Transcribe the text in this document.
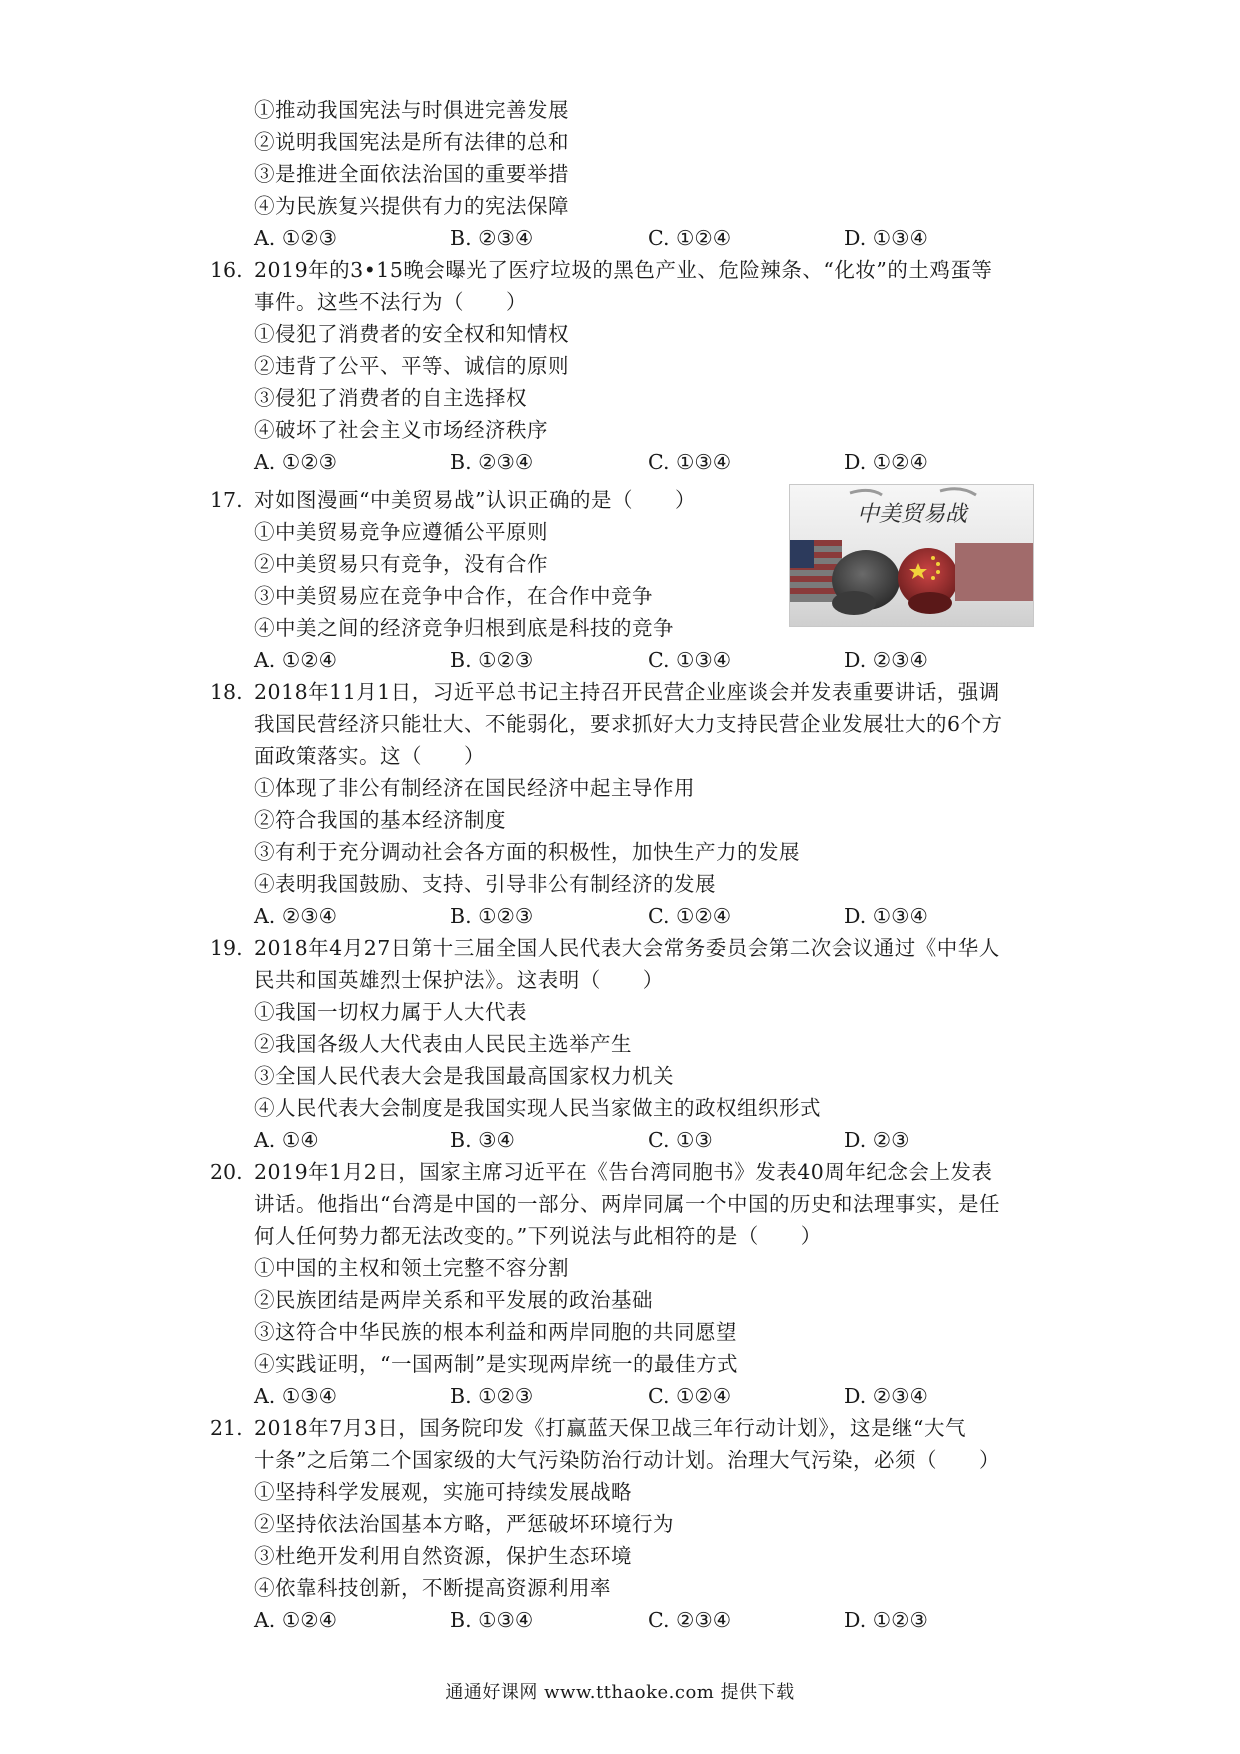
①推动我国宪法与时俱进完善发展
②说明我国宪法是所有法律的总和
③是推进全面依法治国的重要举措
④为民族复兴提供有力的宪法保障
A. ①②③	B. ②③④	C. ①②④	D. ①③④
16. 2019年的3•15晚会曝光了医疗垃圾的黑色产业、危险辣条、“化妆”的土鸡蛋等
事件。这些不法行为（　　）
①侵犯了消费者的安全权和知情权
②违背了公平、平等、诚信的原则
③侵犯了消费者的自主选择权
④破坏了社会主义市场经济秩序
A. ①②③	B. ②③④	C. ①③④	D. ①②④
17. 对如图漫画“中美贸易战”认识正确的是（　　）
①中美贸易竞争应遵循公平原则
②中美贸易只有竞争，没有合作
③中美贸易应在竞争中合作，在合作中竞争
④中美之间的经济竞争归根到底是科技的竞争
A. ①②④	B. ①②③	C. ①③④	D. ②③④
中美贸易战
18. 2018年11月1日，习近平总书记主持召开民营企业座谈会并发表重要讲话，强调
我国民营经济只能壮大、不能弱化，要求抓好大力支持民营企业发展壮大的6个方
面政策落实。这（　　）
①体现了非公有制经济在国民经济中起主导作用
②符合我国的基本经济制度
③有利于充分调动社会各方面的积极性，加快生产力的发展
④表明我国鼓励、支持、引导非公有制经济的发展
A. ②③④	B. ①②③	C. ①②④	D. ①③④
19. 2018年4月27日第十三届全国人民代表大会常务委员会第二次会议通过《中华人
民共和国英雄烈士保护法》。这表明（　　）
①我国一切权力属于人大代表
②我国各级人大代表由人民民主选举产生
③全国人民代表大会是我国最高国家权力机关
④人民代表大会制度是我国实现人民当家做主的政权组织形式
A. ①④	B. ③④	C. ①③	D. ②③
20. 2019年1月2日，国家主席习近平在《告台湾同胞书》发表40周年纪念会上发表
讲话。他指出“台湾是中国的一部分、两岸同属一个中国的历史和法理事实，是任
何人任何势力都无法改变的。”下列说法与此相符的是（　　）
①中国的主权和领土完整不容分割
②民族团结是两岸关系和平发展的政治基础
③这符合中华民族的根本利益和两岸同胞的共同愿望
④实践证明，“一国两制”是实现两岸统一的最佳方式
A. ①③④	B. ①②③	C. ①②④	D. ②③④
21. 2018年7月3日，国务院印发《打赢蓝天保卫战三年行动计划》，这是继“大气
十条”之后第二个国家级的大气污染防治行动计划。治理大气污染，必须（　　）
①坚持科学发展观，实施可持续发展战略
②坚持依法治国基本方略，严惩破坏环境行为
③杜绝开发利用自然资源，保护生态环境
④依靠科技创新，不断提高资源利用率
A. ①②④	B. ①③④	C. ②③④	D. ①②③
通通好课网 www.tthaoke.com 提供下载
